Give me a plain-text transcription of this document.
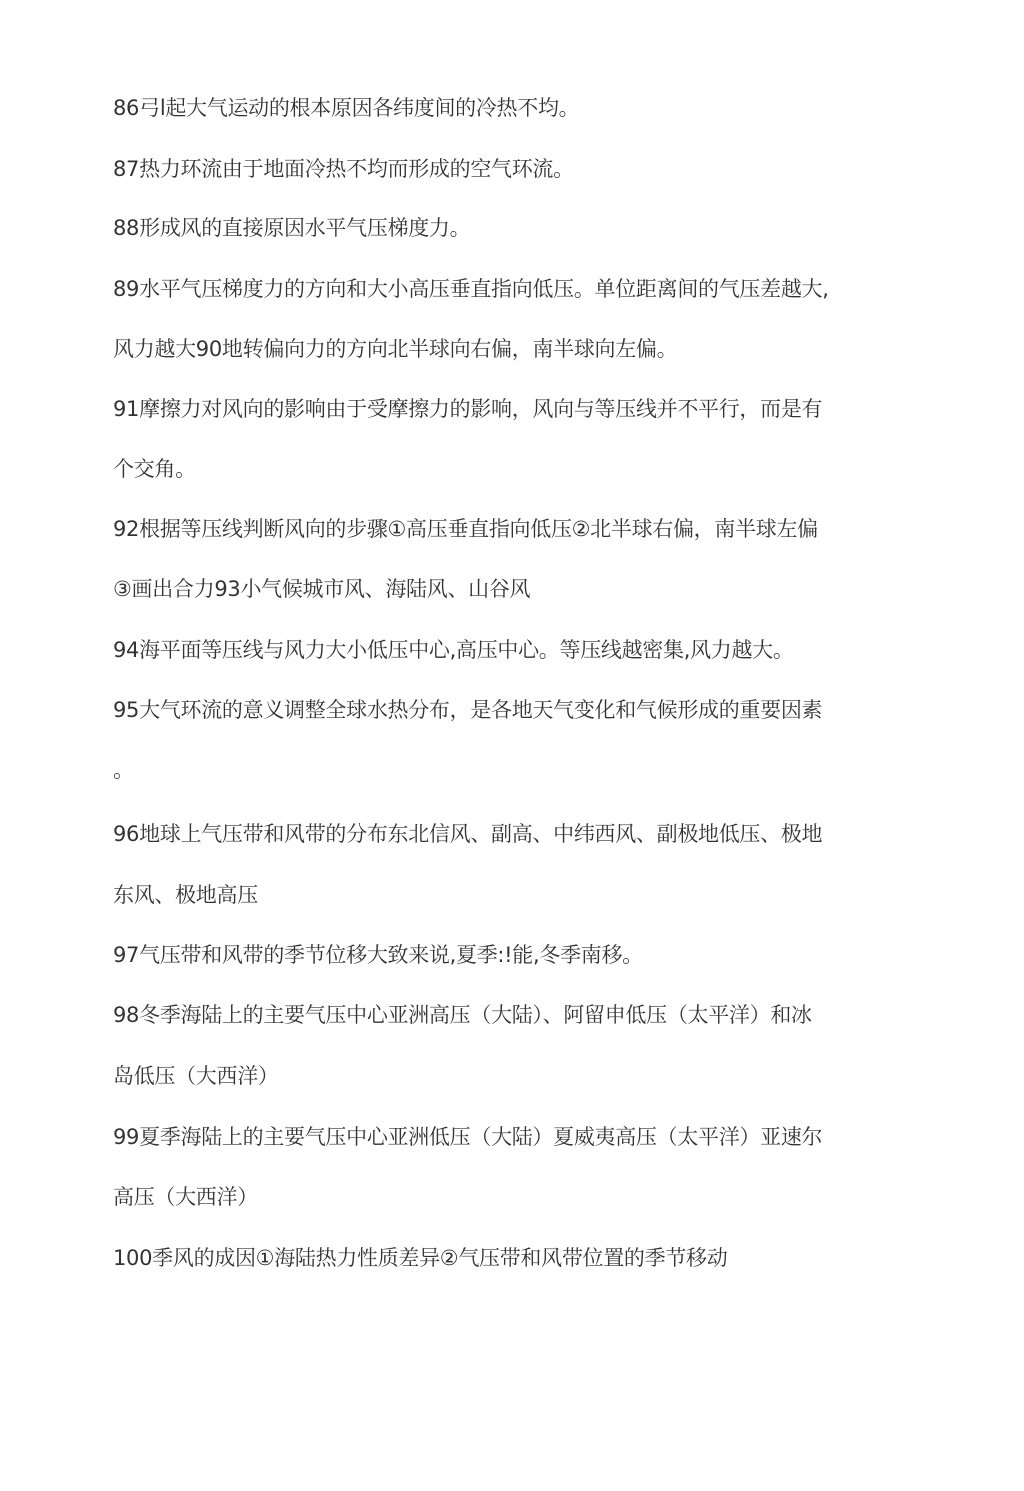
86弓l起大气运动的根本原因各纬度间的冷热不均。
87热力环流由于地面冷热不均而形成的空气环流。
88形成风的直接原因水平气压梯度力。
89水平气压梯度力的方向和大小高压垂直指向低压。单位距离间的气压差越大,
风力越大90地转偏向力的方向北半球向右偏，南半球向左偏。
91摩擦力对风向的影响由于受摩擦力的影响，风向与等压线并不平行，而是有
个交角。
92根据等压线判断风向的步骤①高压垂直指向低压②北半球右偏，南半球左偏
③画出合力93小气候城市风、海陆风、山谷风
94海平面等压线与风力大小低压中心,高压中心。等压线越密集,风力越大。
95大气环流的意义调整全球水热分布，是各地天气变化和气候形成的重要因素
。
96地球上气压带和风带的分布东北信风、副高、中纬西风、副极地低压、极地
东风、极地高压
97气压带和风带的季节位移大致来说,夏季:!能,冬季南移。
98冬季海陆上的主要气压中心亚洲高压（大陆）、阿留申低压（太平洋）和冰
岛低压（大西洋）
99夏季海陆上的主要气压中心亚洲低压（大陆）夏威夷高压（太平洋）亚速尔
高压（大西洋）
100季风的成因①海陆热力性质差异②气压带和风带位置的季节移动
